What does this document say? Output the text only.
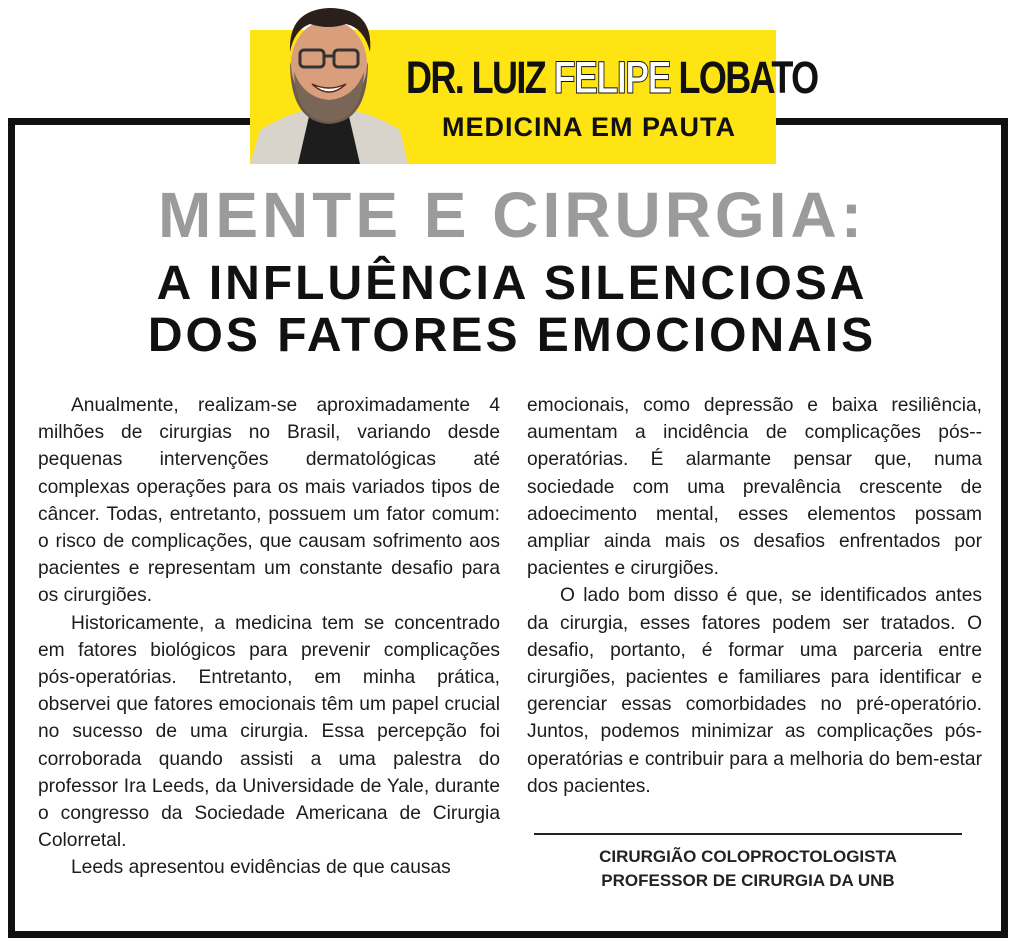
DR. LUIZ FELIPE LOBATO
MEDICINA EM PAUTA
MENTE E CIRURGIA:
A INFLUÊNCIA SILENCIOSA
DOS FATORES EMOCIONAIS

Anualmente, realizam-se aproximadamente 4 milhões de cirurgias no Brasil, variando desde pequenas intervenções dermatológicas até complexas operações para os mais variados tipos de câncer. Todas, entretanto, possuem um fator comum: o risco de complicações, que causam sofrimento aos pacientes e representam um constante desafio para os cirurgiões.

Historicamente, a medicina tem se concentrado em fatores biológicos para prevenir complicações pós-operatórias. Entretanto, em minha prática, observei que fatores emocionais têm um papel crucial no sucesso de uma cirurgia. Essa percepção foi corroborada quando assisti a uma palestra do professor Ira Leeds, da Universidade de Yale, durante o congresso da Sociedade Americana de Cirurgia Colorretal.

Leeds apresentou evidências de que causas

emocionais, como depressão e baixa resiliência, aumentam a incidência de complicações pós--operatórias. É alarmante pensar que, numa sociedade com uma prevalência crescente de adoecimento mental, esses elementos possam ampliar ainda mais os desafios enfrentados por pacientes e cirurgiões.

O lado bom disso é que, se identificados antes da cirurgia, esses fatores podem ser tratados. O desafio, portanto, é formar uma parceria entre cirurgiões, pacientes e familiares para identificar e gerenciar essas comorbidades no pré-operatório. Juntos, podemos minimizar as complicações pós-operatórias e contribuir para a melhoria do bem-estar dos pacientes.

CIRURGIÃO COLOPROCTOLOGISTA
PROFESSOR DE CIRURGIA DA UNB
